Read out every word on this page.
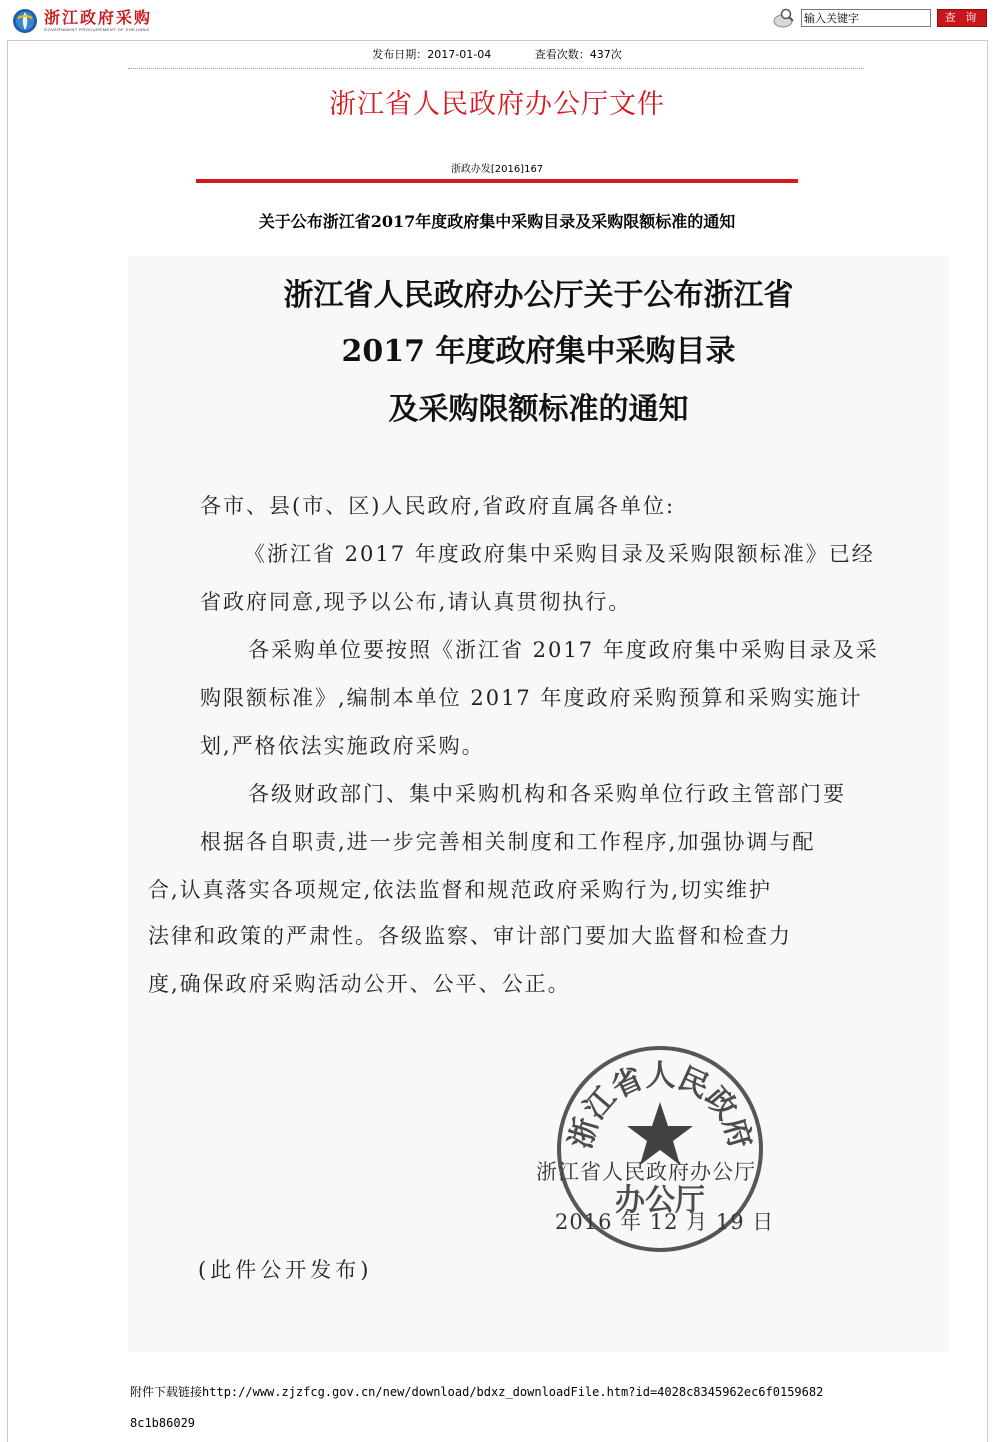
浙江政府采购
GOVERNMENT PROCUREMENT OF ZHEJIANG
输入关键字
查 询
发布日期：2017-01-04	查看次数：437次
浙江省人民政府办公厅文件
浙政办发[2016]167
关于公布浙江省2017年度政府集中采购目录及采购限额标准的通知
浙江省人民政府办公厅关于公布浙江省
2017 年度政府集中采购目录
及采购限额标准的通知
各市、县(市、区)人民政府,省政府直属各单位:
《浙江省 2017 年度政府集中采购目录及采购限额标准》已经
省政府同意,现予以公布,请认真贯彻执行。
各采购单位要按照《浙江省 2017 年度政府集中采购目录及采
购限额标准》,编制本单位 2017 年度政府采购预算和采购实施计
划,严格依法实施政府采购。
各级财政部门、集中采购机构和各采购单位行政主管部门要
根据各自职责,进一步完善相关制度和工作程序,加强协调与配
合,认真落实各项规定,依法监督和规范政府采购行为,切实维护
法律和政策的严肃性。各级监察、审计部门要加大监督和检查力
度,确保政府采购活动公开、公平、公正。
浙江省人民政府办公厅
2016 年 12 月 19 日
浙江省人民政府
办公厅
(此件公开发布)
附件下载链接http://www.zjzfcg.gov.cn/new/download/bdxz_downloadFile.htm?id=4028c8345962ec6f01596828c1b86029
